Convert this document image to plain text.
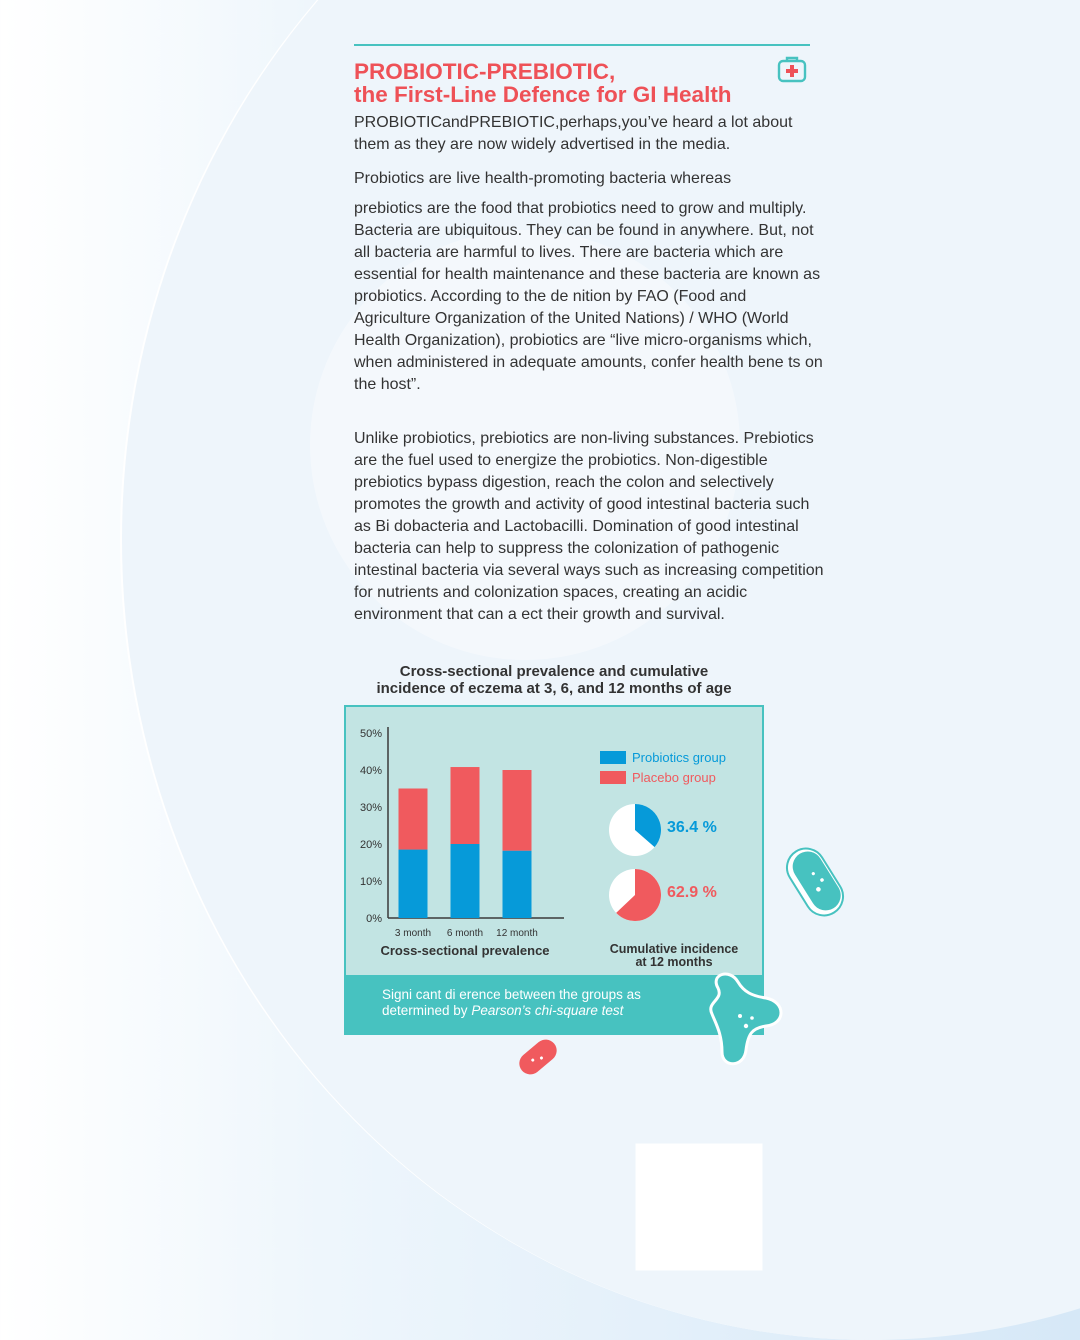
PROBIOTIC-PREBIOTIC,
the First-Line Defence for GI Health

PROBIOTICandPREBIOTIC,perhaps,you’ve heard a lot about them as they are now widely advertised in the media.

Probiotics are live health-promoting bacteria whereas

prebiotics are the food that probiotics need to grow and multiply. Bacteria are ubiquitous. They can be found in anywhere. But, not all bacteria are harmful to lives. There are bacteria which are essential for health maintenance and these bacteria are known as probiotics. According to the de nition by FAO (Food and Agriculture Organization of the United Nations) / WHO (World Health Organization), probiotics are “live micro-organisms which, when administered in adequate amounts, confer health bene ts on the host”.

Unlike probiotics, prebiotics are non-living substances. Prebiotics are the fuel used to energize the probiotics. Non-digestible prebiotics bypass digestion, reach the colon and selectively promotes the growth and activity of good intestinal bacteria such as Bi dobacteria and Lactobacilli. Domination of good intestinal bacteria can help to suppress the colonization of pathogenic intestinal bacteria via several ways such as increasing competition for nutrients and colonization spaces, creating an acidic environment that can a ect their growth and survival.

Cross-sectional prevalence and cumulative
incidence of eczema at 3, 6, and 12 months of age
0%
10%
20%
30%
40%
50%
3 month 6 month 12 month
Cross-sectional prevalence
Probiotics group
Placebo group
36.4 %
62.9 %
Cumulative incidence
at 12 months
Signi cant di erence between the groups as
determined by Pearson’s chi-square test
